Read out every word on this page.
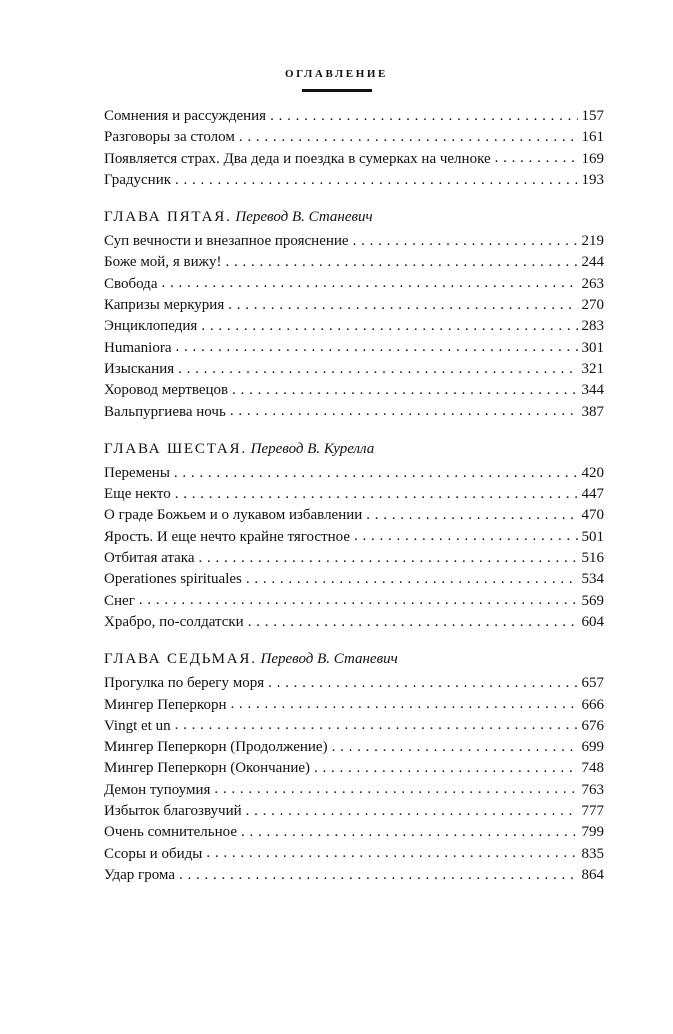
ОГЛАВЛЕНИЕ
Сомнения и рассуждения . . .	157
Разговоры за столом . . .	161
Появляется страх. Два деда и поездка в сумерках на челноке . . .	169
Градусник . . .	193
ГЛАВА ПЯТАЯ. Перевод В. Станевич
Суп вечности и внезапное прояснение . . .	219
Боже мой, я вижу! . . .	244
Свобода . . .	263
Капризы меркурия . . .	270
Энциклопедия . . .	283
Humaniora . . .	301
Изыскания . . .	321
Хоровод мертвецов . . .	344
Вальпургиева ночь . . .	387
ГЛАВА ШЕСТАЯ. Перевод В. Курелла
Перемены . . .	420
Еще некто . . .	447
О граде Божьем и о лукавом избавлении . . .	470
Ярость. И еще нечто крайне тягостное . . .	501
Отбитая атака . . .	516
Operationes spirituales . . .	534
Снег . . .	569
Храбро, по-солдатски . . .	604
ГЛАВА СЕДЬМАЯ. Перевод В. Станевич
Прогулка по берегу моря . . .	657
Мингер Пеперкорн . . .	666
Vingt et un . . .	676
Мингер Пеперкорн (Продолжение) . . .	699
Мингер Пеперкорн (Окончание) . . .	748
Демон тупоумия . . .	763
Избыток благозвучий . . .	777
Очень сомнительное . . .	799
Ссоры и обиды . . .	835
Удар грома . . .	864
